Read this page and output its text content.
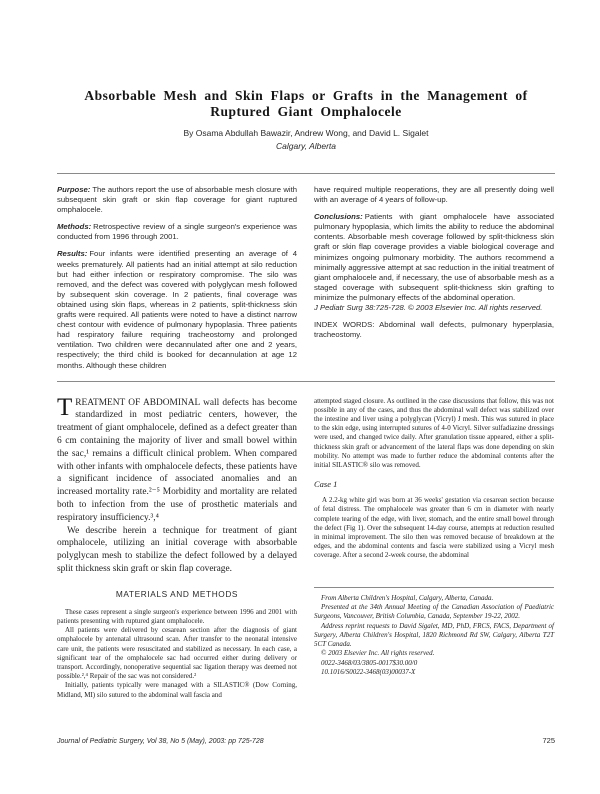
Absorbable Mesh and Skin Flaps or Grafts in the Management of
Ruptured Giant Omphalocele
By Osama Abdullah Bawazir, Andrew Wong, and David L. Sigalet
Calgary, Alberta

Purpose: The authors report the use of absorbable mesh closure with subsequent skin graft or skin flap coverage for giant ruptured omphalocele.

Methods: Retrospective review of a single surgeon's experience was conducted from 1996 through 2001.

Results: Four infants were identified presenting an average of 4 weeks prematurely. All patients had an initial attempt at silo reduction but had either infection or respiratory compromise. The silo was removed, and the defect was covered with polyglycan mesh followed by subsequent skin coverage. In 2 patients, final coverage was obtained using skin flaps, whereas in 2 patients, split-thickness skin grafts were required. All patients were noted to have a distinct narrow chest contour with evidence of pulmonary hypoplasia. Three patients had respiratory failure requiring tracheostomy and prolonged ventilation. Two children were decannulated after one and 2 years, respectively; the third child is booked for decannulation at age 12 months. Although these children

have required multiple reoperations, they are all presently doing well with an average of 4 years of follow-up.

Conclusions: Patients with giant omphalocele have associated pulmonary hypoplasia, which limits the ability to reduce the abdominal contents. Absorbable mesh coverage followed by split-thickness skin graft or skin flap coverage provides a viable biological coverage and minimizes ongoing pulmonary morbidity. The authors recommend a minimally aggressive attempt at sac reduction in the initial treatment of giant omphalocele and, if necessary, the use of absorbable mesh as a staged coverage with subsequent split-thickness skin grafting to minimize the pulmonary effects of the abdominal operation.

J Pediatr Surg 38:725-728. © 2003 Elsevier Inc. All rights reserved.

INDEX WORDS: Abdominal wall defects, pulmonary hyperplasia, tracheostomy.

TREATMENT OF ABDOMINAL wall defects has become standardized in most pediatric centers, however, the treatment of giant omphalocele, defined as a defect greater than 6 cm containing the majority of liver and small bowel within the sac,¹ remains a difficult clinical problem. When compared with other infants with omphalocele defects, these patients have a significant incidence of associated anomalies and an increased mortality rate.²⁻⁵ Morbidity and mortality are related both to infection from the use of prosthetic materials and respiratory insufficiency.³,⁴

We describe herein a technique for treatment of giant omphalocele, utilizing an initial coverage with absorbable polyglycan mesh to stabilize the defect followed by a delayed split thickness skin graft or skin flap coverage.

MATERIALS AND METHODS

These cases represent a single surgeon's experience between 1996 and 2001 with patients presenting with ruptured giant omphalocele.

All patients were delivered by cesarean section after the diagnosis of giant omphalocele by antenatal ultrasound scan. After transfer to the neonatal intensive care unit, the patients were resuscitated and stabilized as necessary. In each case, a significant tear of the omphalocele sac had occurred either during delivery or transport. Accordingly, nonoperative sequential sac ligation therapy was deemed not possible.²,⁴ Repair of the sac was not considered.²

Initially, patients typically were managed with a SILASTIC® (Dow Corning, Midland, MI) silo sutured to the abdominal wall fascia and

attempted staged closure. As outlined in the case discussions that follow, this was not possible in any of the cases, and thus the abdominal wall defect was stabilized over the intestine and liver using a polyglycan (Vicryl) J mesh. This was sutured in place to the skin edge, using interrupted sutures of 4-0 Vicryl. Silver sulfadiazine dressings were used, and changed twice daily. After granulation tissue appeared, either a split-thickness skin graft or advancement of the lateral flaps was done depending on skin mobility. No attempt was made to further reduce the abdominal contents after the initial SILASTIC® silo was removed.

Case 1

A 2.2-kg white girl was born at 36 weeks' gestation via cesarean section because of fetal distress. The omphalocele was greater than 6 cm in diameter with nearly complete tearing of the edge, with liver, stomach, and the entire small bowel through the defect (Fig 1). Over the subsequent 14-day course, attempts at reduction resulted in minimal improvement. The silo then was removed because of breakdown at the edges, and the abdominal contents and fascia were stabilized using a Vicryl mesh coverage. After a second 2-week course, the abdominal

From Alberta Children's Hospital, Calgary, Alberta, Canada.

Presented at the 34th Annual Meeting of the Canadian Association of Paediatric Surgeons, Vancouver, British Columbia, Canada, September 19-22, 2002.

Address reprint requests to David Sigalet, MD, PhD, FRCS, FACS, Department of Surgery, Alberta Children's Hospital, 1820 Richmond Rd SW, Calgary, Alberta T2T 5CT Canada.

© 2003 Elsevier Inc. All rights reserved.

0022-3468/03/3805-0017$30.00/0

10.1016/S0022-3468(03)00037-X

Journal of Pediatric Surgery, Vol 38, No 5 (May), 2003: pp 725-728	725
